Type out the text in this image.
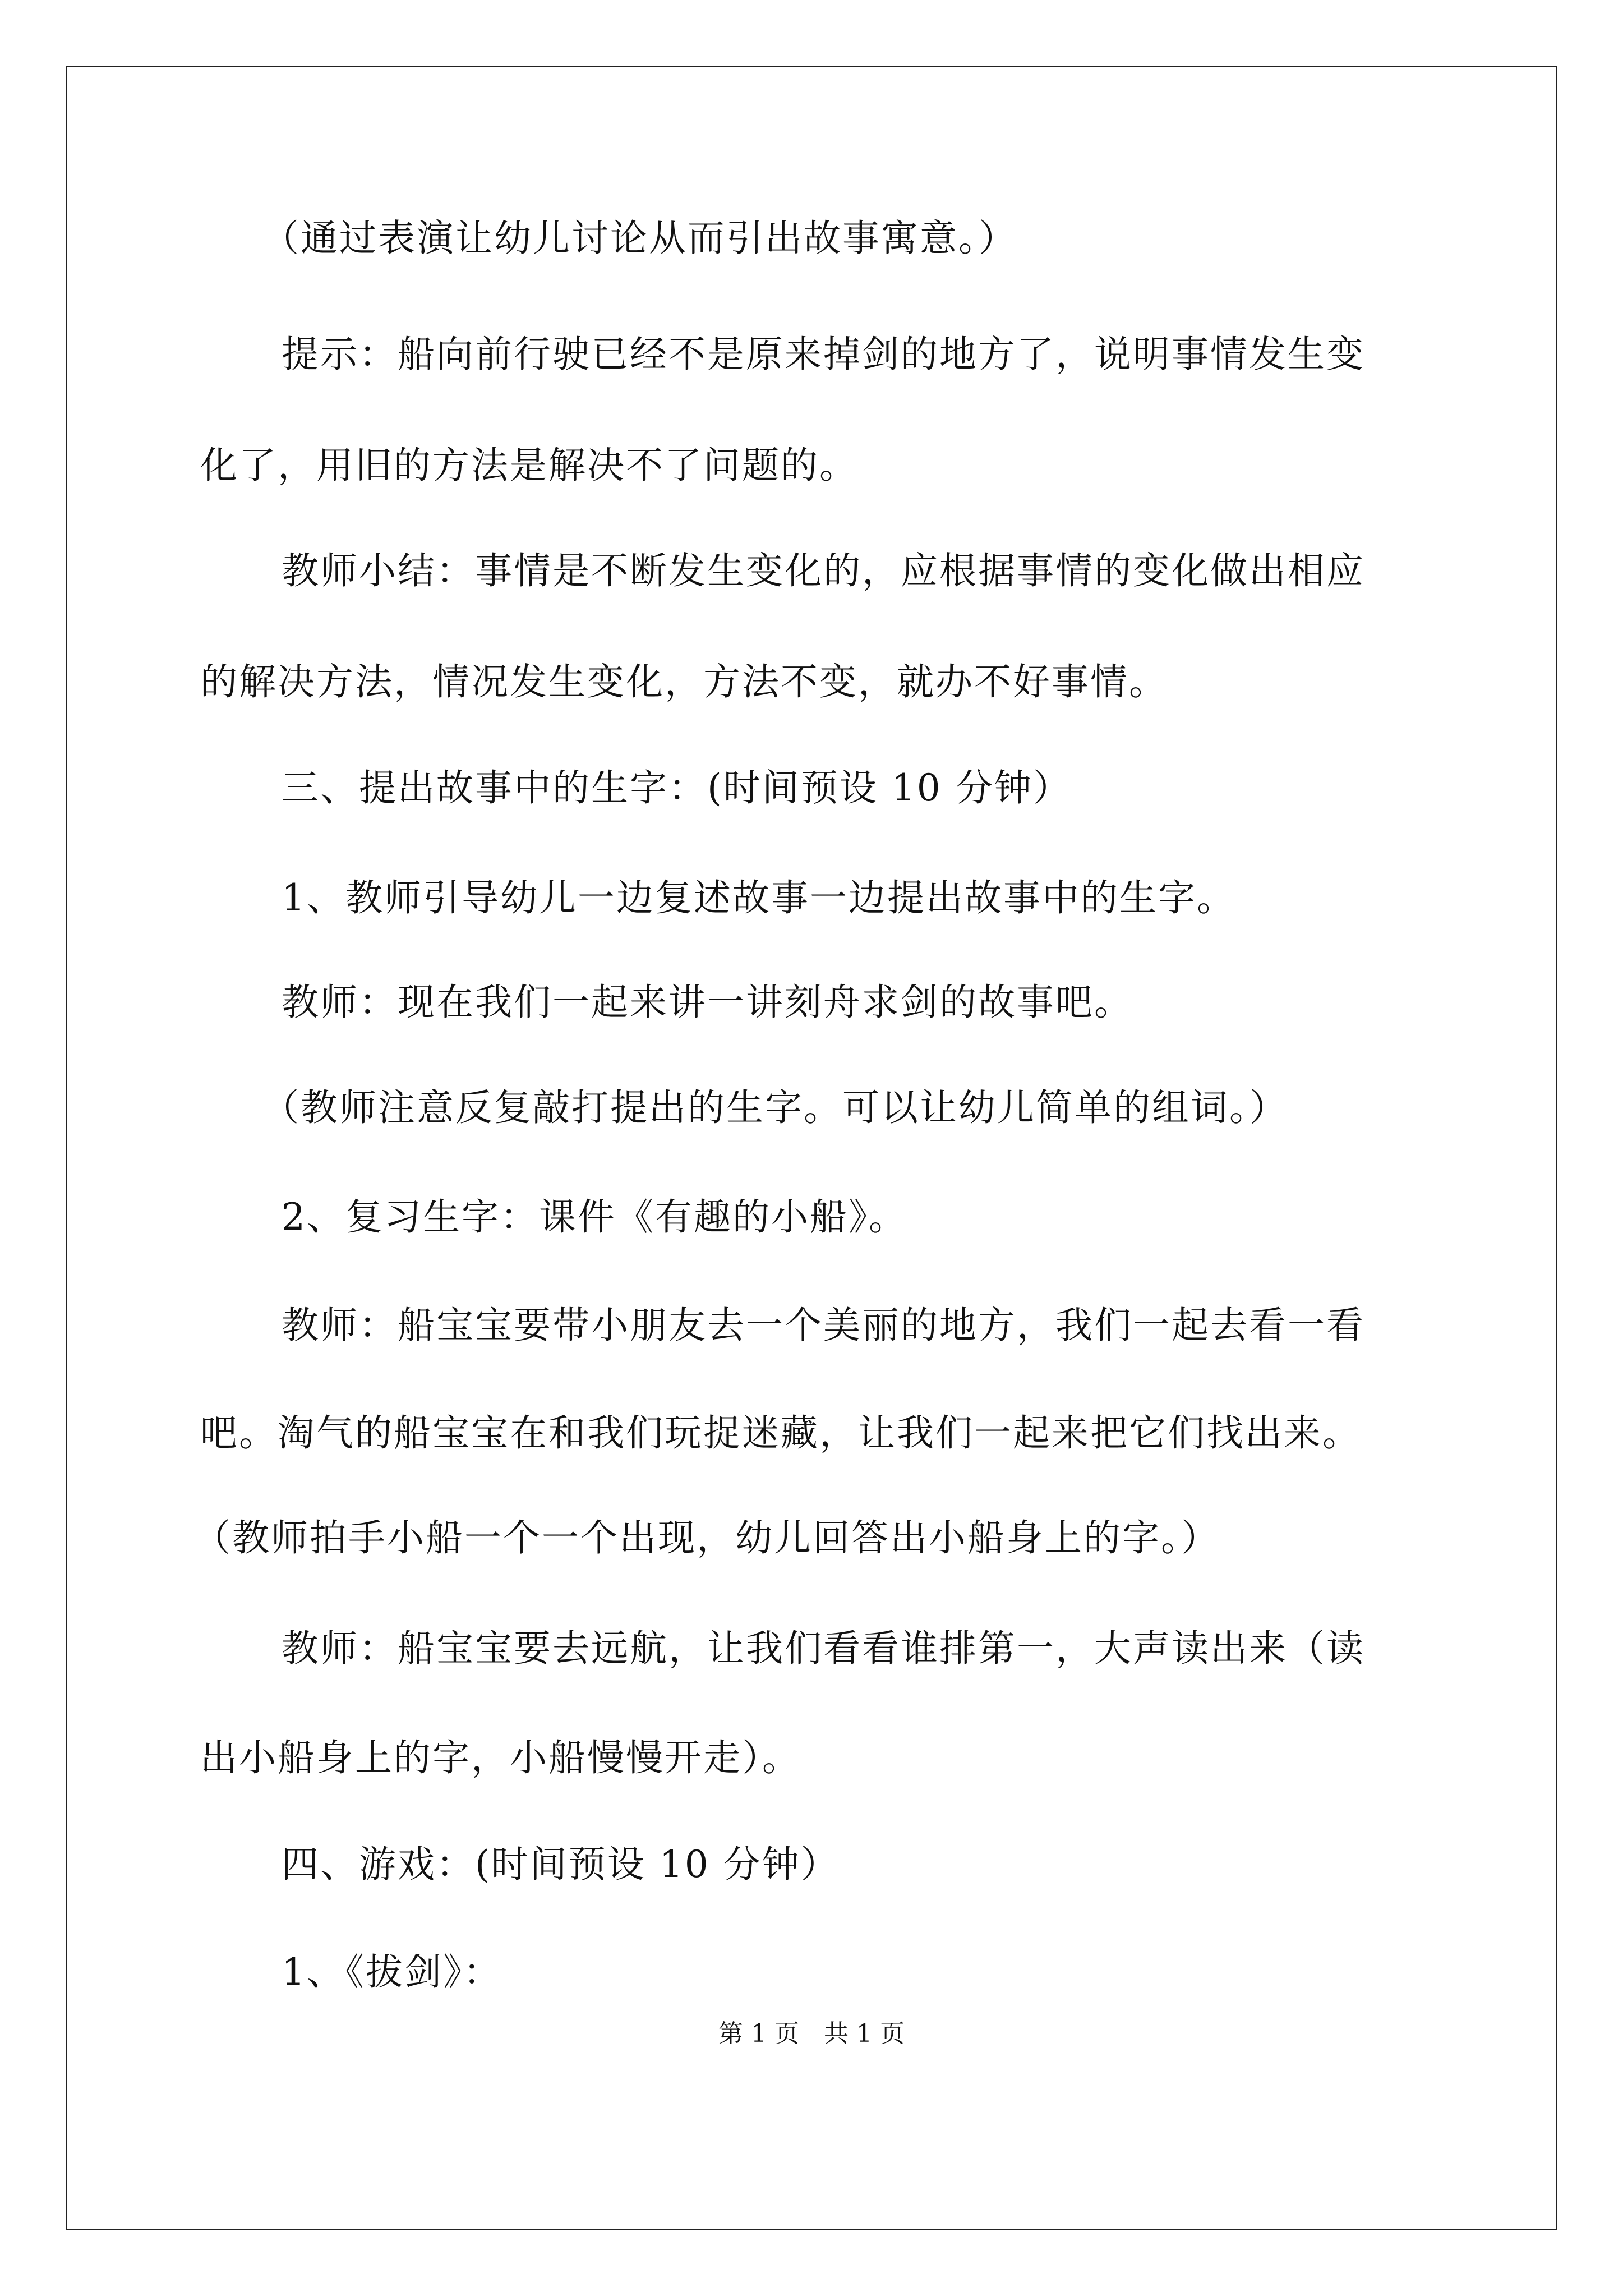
（通过表演让幼儿讨论从而引出故事寓意。）
提示：船向前行驶已经不是原来掉剑的地方了，说明事情发生变
化了，用旧的方法是解决不了问题的。
教师小结：事情是不断发生变化的，应根据事情的变化做出相应
的解决方法，情况发生变化，方法不变，就办不好事情。
三、提出故事中的生字：(时间预设 10 分钟）
1、教师引导幼儿一边复述故事一边提出故事中的生字。
教师：现在我们一起来讲一讲刻舟求剑的故事吧。
（教师注意反复敲打提出的生字。可以让幼儿简单的组词。）
2、复习生字：课件《有趣的小船》。
教师：船宝宝要带小朋友去一个美丽的地方，我们一起去看一看
吧。淘气的船宝宝在和我们玩捉迷藏，让我们一起来把它们找出来。
（教师拍手小船一个一个出现，幼儿回答出小船身上的字。）
教师：船宝宝要去远航，让我们看看谁排第一，大声读出来（读
出小船身上的字，小船慢慢开走）。
四、游戏：(时间预设 10 分钟）
1、《拔剑》：
第 1 页　共 1 页
